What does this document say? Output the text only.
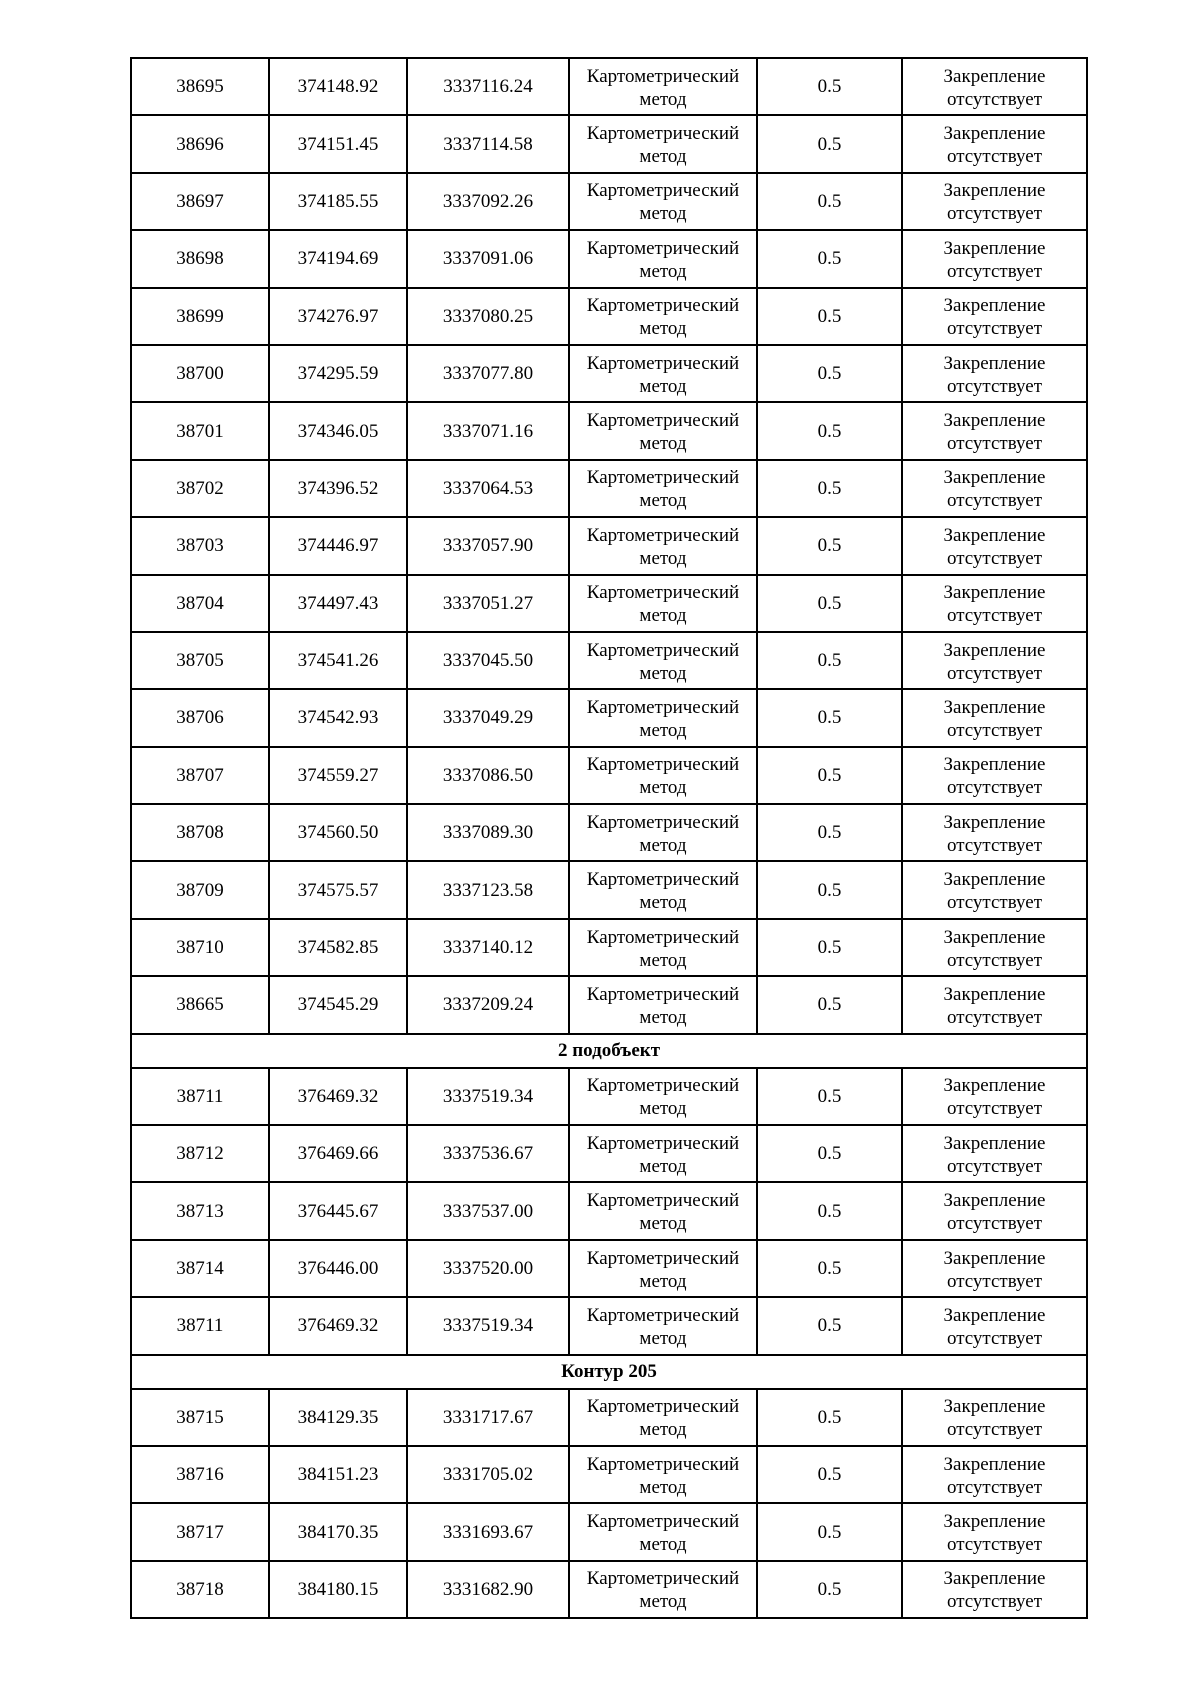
38695	374148.92	3337116.24	Картометрический метод	0.5	Закрепление отсутствует
38696	374151.45	3337114.58	Картометрический метод	0.5	Закрепление отсутствует
38697	374185.55	3337092.26	Картометрический метод	0.5	Закрепление отсутствует
38698	374194.69	3337091.06	Картометрический метод	0.5	Закрепление отсутствует
38699	374276.97	3337080.25	Картометрический метод	0.5	Закрепление отсутствует
38700	374295.59	3337077.80	Картометрический метод	0.5	Закрепление отсутствует
38701	374346.05	3337071.16	Картометрический метод	0.5	Закрепление отсутствует
38702	374396.52	3337064.53	Картометрический метод	0.5	Закрепление отсутствует
38703	374446.97	3337057.90	Картометрический метод	0.5	Закрепление отсутствует
38704	374497.43	3337051.27	Картометрический метод	0.5	Закрепление отсутствует
38705	374541.26	3337045.50	Картометрический метод	0.5	Закрепление отсутствует
38706	374542.93	3337049.29	Картометрический метод	0.5	Закрепление отсутствует
38707	374559.27	3337086.50	Картометрический метод	0.5	Закрепление отсутствует
38708	374560.50	3337089.30	Картометрический метод	0.5	Закрепление отсутствует
38709	374575.57	3337123.58	Картометрический метод	0.5	Закрепление отсутствует
38710	374582.85	3337140.12	Картометрический метод	0.5	Закрепление отсутствует
38665	374545.29	3337209.24	Картометрический метод	0.5	Закрепление отсутствует
2 подобъект					
38711	376469.32	3337519.34	Картометрический метод	0.5	Закрепление отсутствует
38712	376469.66	3337536.67	Картометрический метод	0.5	Закрепление отсутствует
38713	376445.67	3337537.00	Картометрический метод	0.5	Закрепление отсутствует
38714	376446.00	3337520.00	Картометрический метод	0.5	Закрепление отсутствует
38711	376469.32	3337519.34	Картометрический метод	0.5	Закрепление отсутствует
Контур 205					
38715	384129.35	3331717.67	Картометрический метод	0.5	Закрепление отсутствует
38716	384151.23	3331705.02	Картометрический метод	0.5	Закрепление отсутствует
38717	384170.35	3331693.67	Картометрический метод	0.5	Закрепление отсутствует
38718	384180.15	3331682.90	Картометрический метод	0.5	Закрепление отсутствует
